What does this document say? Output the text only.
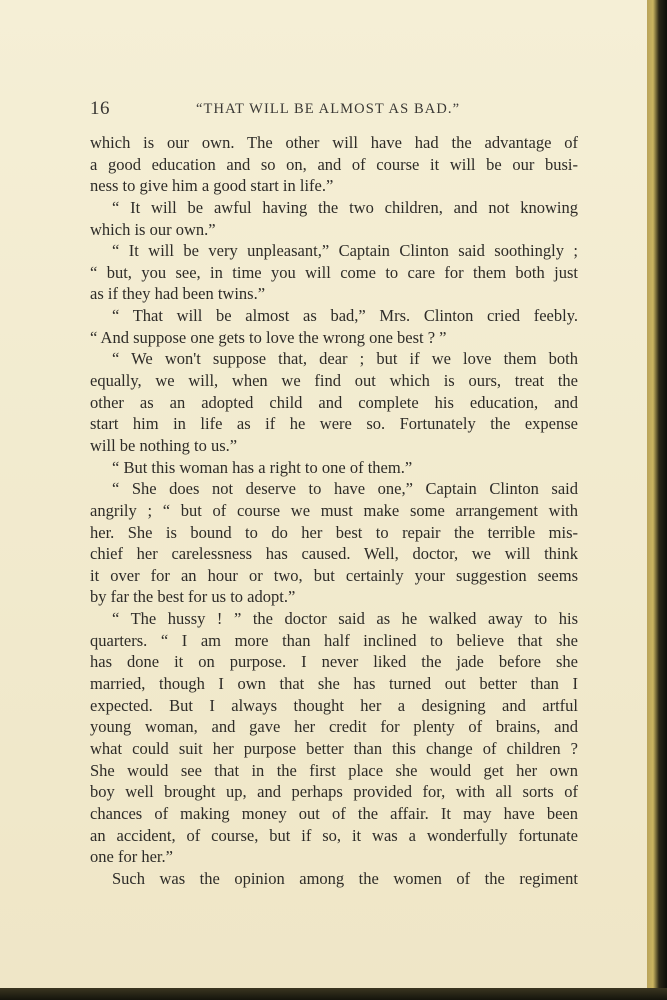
16	“THAT WILL BE ALMOST AS BAD.”
which is our own. The other will have had the advantage of
a good education and so on, and of course it will be our busi-
ness to give him a good start in life.”
“ It will be awful having the two children, and not knowing
which is our own.”
“ It will be very unpleasant,” Captain Clinton said soothingly ;
“ but, you see, in time you will come to care for them both just
as if they had been twins.”
“ That will be almost as bad,” Mrs. Clinton cried feebly.
“ And suppose one gets to love the wrong one best ? ”
“ We won't suppose that, dear ; but if we love them both
equally, we will, when we find out which is ours, treat the
other as an adopted child and complete his education, and
start him in life as if he were so. Fortunately the expense
will be nothing to us.”
“ But this woman has a right to one of them.”
“ She does not deserve to have one,” Captain Clinton said
angrily ; “ but of course we must make some arrangement with
her. She is bound to do her best to repair the terrible mis-
chief her carelessness has caused. Well, doctor, we will think
it over for an hour or two, but certainly your suggestion seems
by far the best for us to adopt.”
“ The hussy ! ” the doctor said as he walked away to his
quarters. “ I am more than half inclined to believe that she
has done it on purpose. I never liked the jade before she
married, though I own that she has turned out better than I
expected. But I always thought her a designing and artful
young woman, and gave her credit for plenty of brains, and
what could suit her purpose better than this change of children ?
She would see that in the first place she would get her own
boy well brought up, and perhaps provided for, with all sorts of
chances of making money out of the affair. It may have been
an accident, of course, but if so, it was a wonderfully fortunate
one for her.”
Such was the opinion among the women of the regiment
